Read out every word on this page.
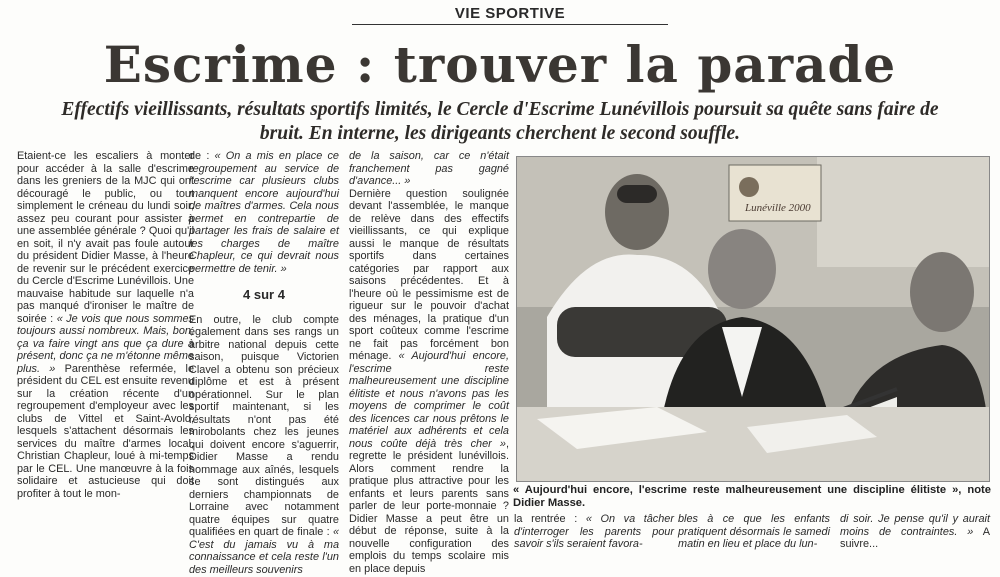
VIE SPORTIVE
Escrime : trouver la parade
Effectifs vieillissants, résultats sportifs limités, le Cercle d'Escrime Lunévillois poursuit sa quête sans faire de bruit. En interne, les dirigeants cherchent le second souffle.

Etaient-ce les escaliers à monter pour accéder à la salle d'escrime dans les greniers de la MJC qui ont découragé le public, ou tout simplement le créneau du lundi soir, assez peu courant pour assister à une assemblée générale ? Quoi qu'il en soit, il n'y avait pas foule autour du président Didier Masse, à l'heure de revenir sur le précédent exercice du Cercle d'Escrime Lunévillois. Une mauvaise habitude sur laquelle n'a pas manqué d'ironiser le maître de soirée : « Je vois que nous sommes toujours aussi nombreux. Mais, bon, ça va faire vingt ans que ça dure à présent, donc ça ne m'étonne même plus. » Parenthèse refermée, le président du CEL est ensuite revenu sur la création récente d'un regroupement d'employeur avec les clubs de Vittel et Saint-Avold, lesquels s'attachent désormais les services du maître d'armes local, Christian Chapleur, loué à mi-temps par le CEL. Une manœuvre à la fois solidaire et astucieuse qui doit profiter à tout le mon-

de : « On a mis en place ce regroupement au service de l'escrime car plusieurs clubs manquent encore aujourd'hui de maîtres d'armes. Cela nous permet en contrepartie de partager les frais de salaire et les charges de maître Chapleur, ce qui devrait nous permettre de tenir. »

4 sur 4

En outre, le club compte également dans ses rangs un arbitre national depuis cette saison, puisque Victorien Clavel a obtenu son précieux diplôme et est à présent opérationnel. Sur le plan sportif maintenant, si les résultats n'ont pas été mirobolants chez les jeunes qui doivent encore s'aguerrir, Didier Masse a rendu hommage aux aînés, lesquels se sont distingués aux derniers championnats de Lorraine avec notamment quatre équipes sur quatre qualifiées en quart de finale : « C'est du jamais vu à ma connaissance et cela reste l'un des meilleurs souvenirs

de la saison, car ce n'était franchement pas gagné d'avance... »

Dernière question soulignée devant l'assemblée, le manque de relève dans des effectifs vieillissants, ce qui explique aussi le manque de résultats sportifs dans certaines catégories par rapport aux saisons précédentes. Et à l'heure où le pessimisme est de rigueur sur le pouvoir d'achat des ménages, la pratique d'un sport coûteux comme l'escrime ne fait pas forcément bon ménage. « Aujourd'hui encore, l'escrime reste malheureusement une discipline élitiste et nous n'avons pas les moyens de comprimer le coût des licences car nous prêtons le matériel aux adhérents et cela nous coûte déjà très cher », regrette le président lunévillois. Alors comment rendre la pratique plus attractive pour les enfants et leurs parents sans parler de leur porte-monnaie ? Didier Masse a peut être un début de réponse, suite à la nouvelle configuration des emplois du temps scolaire mis en place depuis

Lunéville 2000
« Aujourd'hui encore, l'escrime reste malheureusement une discipline élitiste », note Didier Masse.
la rentrée : « On va tâcher d'interroger les parents pour savoir s'ils seraient favora-
bles à ce que les enfants pratiquent désormais le samedi matin en lieu et place du lun-
di soir. Je pense qu'il y aurait moins de contraintes. » A suivre...
